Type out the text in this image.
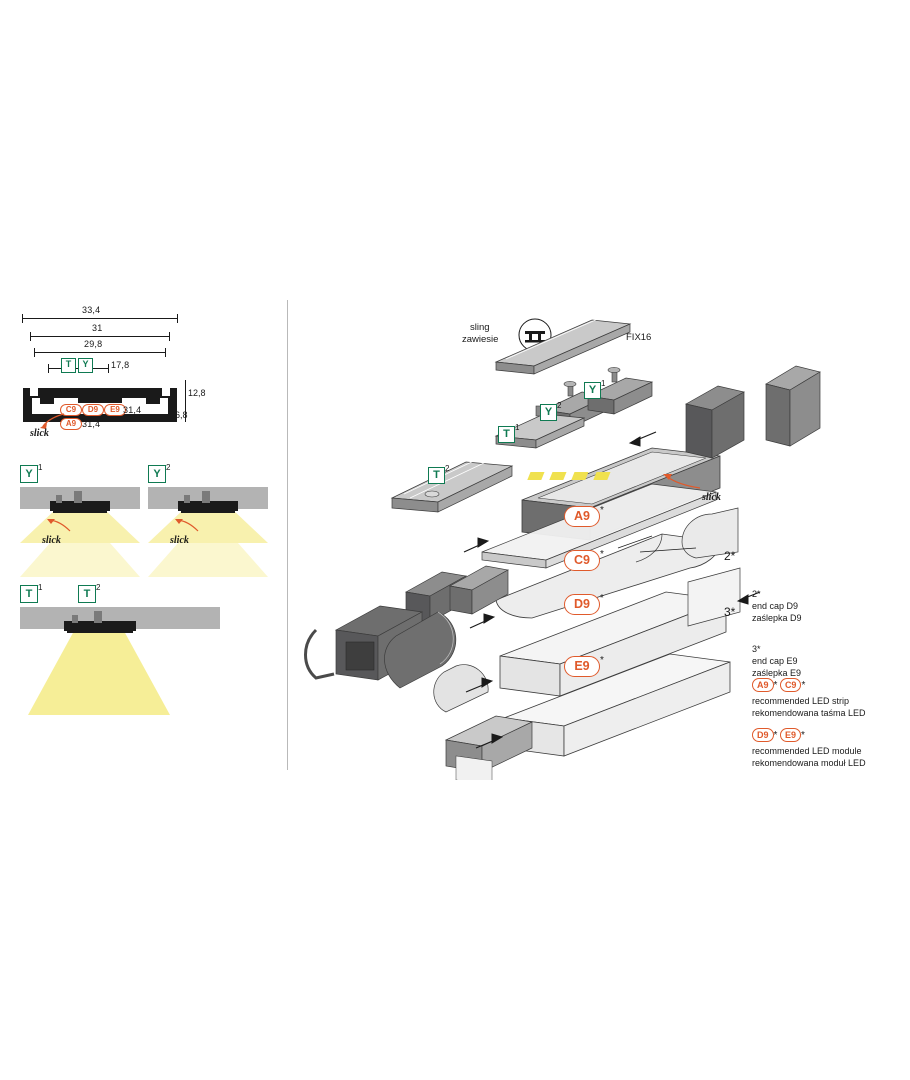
33,4
31
29,8
T	Y	17,8
C9	D9	E9
A9
31,4
31,4
slick
12,8
6,8
Y
1
slick
Y
2
slick
T
1
T
2
sling
zawiesie	FIX16
slick
Y
1
Y
2
T
1
T
2
A9	*
C9	*
D9	*
E9	*
2*
3*
2*
end cap D9
zaślepka D9
3*
end cap E9
zaślepka E9
A9 * C9 *
recommended LED strip
rekomendowana taśma LED
D9 * E9 *
recommended LED module
rekomendowana moduł LED
